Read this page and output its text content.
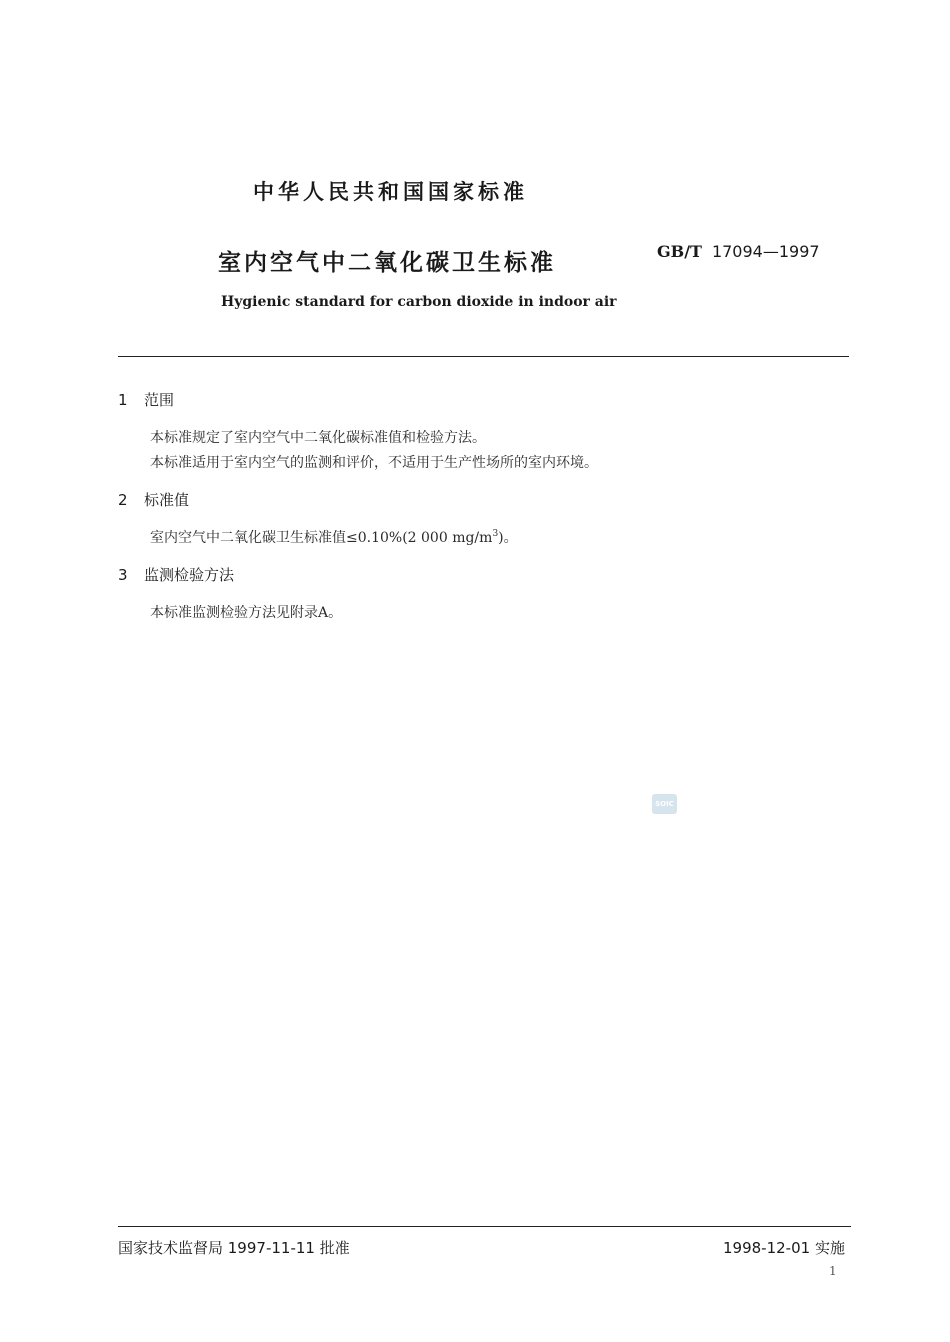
中华人民共和国国家标准
室内空气中二氧化碳卫生标准	GB/T 17094—1997
Hygienic standard for carbon dioxide in indoor air
1 范围
本标准规定了室内空气中二氧化碳标准值和检验方法。
本标准适用于室内空气的监测和评价，不适用于生产性场所的室内环境。
2 标准值
室内空气中二氧化碳卫生标准值≤0.10%(2 000 $mg/m^3$)。
3 监测检验方法
本标准监测检验方法见附录A。
SOIC
国家技术监督局 1997-11-11 批准	1998-12-01 实施
1
